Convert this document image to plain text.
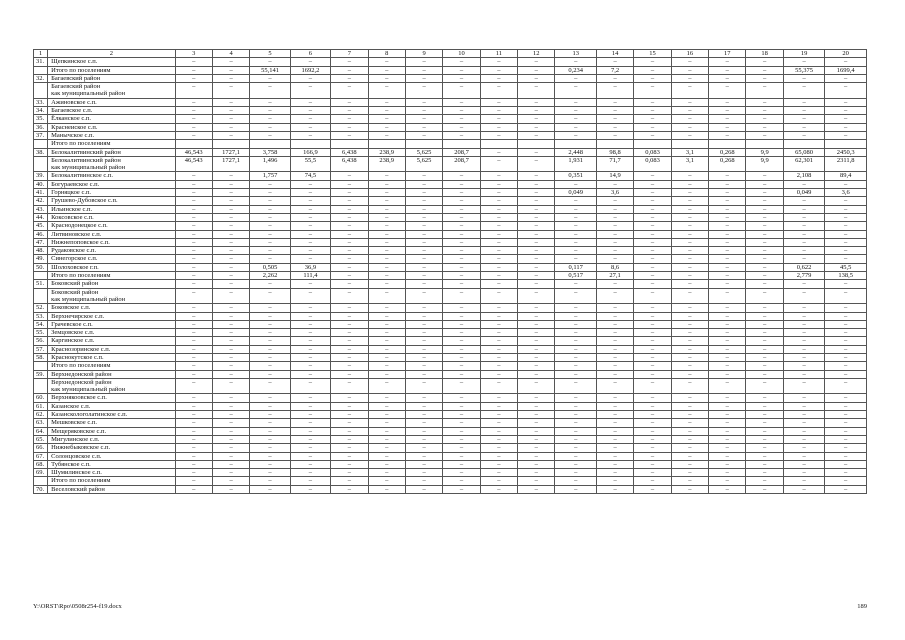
1	2	3	4	5	6	7	8	9	10	11	12	13	14	15	16	17	18	19	20
31.	Щепкинское с.п.	–	–	–	–	–	–	–	–	–	–	–	–	–	–	–	–	–	–

	Итого по поселениям	–	–	55,141	1692,2	–	–	–	–	–	–	0,234	7,2	–	–	–	–	55,375	1699,4
32.	Багаевский район	–	–	–	–	–	–	–	–	–	–	–	–	–	–	–	–	–	–

	Багаевский район
как муниципальный район	–	–	–	–	–	–	–	–	–	–	–	–	–	–	–	–	–	–
33.	Ажиновское с.п.	–	–	–	–	–	–	–	–	–	–	–	–	–	–	–	–	–	–
34.	Багаевское с.п.	–	–	–	–	–	–	–	–	–	–	–	–	–	–	–	–	–	–
35.	Ёлканское с.п.	–	–	–	–	–	–	–	–	–	–	–	–	–	–	–	–	–	–
36.	Краснеиское с.п.	–	–	–	–	–	–	–	–	–	–	–	–	–	–	–	–	–	–
37.	Манычское с.п.	–	–	–	–	–	–	–	–	–	–	–	–	–	–	–	–	–	–

	Итого по поселениям																		

38.	Белокалитвинский район	46,543	1727,1	3,758	166,9	6,438	238,9	5,625	208,7	–	–	2,448	98,8	0,083	3,1	0,268	9,9	65,080	2450,3

	Белокалитвинский район
как муниципальный район	46,543	1727,1	1,496	55,5	6,438	238,9	5,625	208,7	–	–	1,931	71,7	0,083	3,1	0,268	9,9	62,301	2311,8
39.	Белокалитвинское с.п.	–	–	1,757	74,5	–	–	–	–	–	–	0,351	14,9	–	–	–	–	2,108	89,4
40.	Богураевское с.п.	–	–	–	–	–	–	–	–	–	–	–	–	–	–	–	–	–	–
41.	Горняцкое с.п.	–	–	–	–	–	–	–	–	–	–	0,049	3,6	–	–	–	–	0,049	3,6
42.	Грушево-Дубовское с.п.	–	–	–	–	–	–	–	–	–	–	–	–	–	–	–	–	–	–
43.	Ильинское с.п.	–	–	–	–	–	–	–	–	–	–	–	–	–	–	–	–	–	–
44.	Коксовское с.п.	–	–	–	–	–	–	–	–	–	–	–	–	–	–	–	–	–	–
45.	Краснодонецкое с.п.	–	–	–	–	–	–	–	–	–	–	–	–	–	–	–	–	–	–
46.	Литвиновское с.п.	–	–	–	–	–	–	–	–	–	–	–	–	–	–	–	–	–	–
47.	Нижнепоповское с.п.	–	–	–	–	–	–	–	–	–	–	–	–	–	–	–	–	–	–
48.	Рудаковское с.п.	–	–	–	–	–	–	–	–	–	–	–	–	–	–	–	–	–	–
49.	Синегорское с.п.	–	–	–	–	–	–	–	–	–	–	–	–	–	–	–	–	–	–
50.	Шолоховское г.п.	–	–	0,505	36,9	–	–	–	–	–	–	0,117	8,6	–	–	–	–	0,622	45,5

	Итого по поселениям	–	–	2,262	111,4	–	–	–	–	–	–	0,517	27,1	–	–	–	–	2,779	138,5
51.	Боковский район	–	–	–	–	–	–	–	–	–	–	–	–	–	–	–	–	–	–

	Боковский район
как муниципальный район	–	–	–	–	–	–	–	–	–	–	–	–	–	–	–	–	–	–
52.	Боковское с.п.	–	–	–	–	–	–	–	–	–	–	–	–	–	–	–	–	–	–
53.	Верхнечирское с.п.	–	–	–	–	–	–	–	–	–	–	–	–	–	–	–	–	–	–
54.	Грачевское с.п.	–	–	–	–	–	–	–	–	–	–	–	–	–	–	–	–	–	–
55.	Земцовское с.п.	–	–	–	–	–	–	–	–	–	–	–	–	–	–	–	–	–	–
56.	Каргинское с.п.	–	–	–	–	–	–	–	–	–	–	–	–	–	–	–	–	–	–
57.	Краснозоринское с.п.	–	–	–	–	–	–	–	–	–	–	–	–	–	–	–	–	–	–
58.	Краснокутское с.п.	–	–	–	–	–	–	–	–	–	–	–	–	–	–	–	–	–	–

	Итого по поселениям	–	–	–	–	–	–	–	–	–	–	–	–	–	–	–	–	–	–
59.	Верхнедонской район	–	–	–	–	–	–	–	–	–	–	–	–	–	–	–	–	–	–

	Верхнедонской район
как муниципальный район	–	–	–	–	–	–	–	–	–	–	–	–	–	–	–	–	–	–
60.	Верхнякоовское с.п.	–	–	–	–	–	–	–	–	–	–	–	–	–	–	–	–	–	–
61.	Казанское с.п.	–	–	–	–	–	–	–	–	–	–	–	–	–	–	–	–	–	–
62.	Казанскологолатинское с.п.	–	–	–	–	–	–	–	–	–	–	–	–	–	–	–	–	–	–
63.	Мешковское с.п.	–	–	–	–	–	–	–	–	–	–	–	–	–	–	–	–	–	–
64.	Мещеряковское с.п.	–	–	–	–	–	–	–	–	–	–	–	–	–	–	–	–	–	–
65.	Мигулинское с.п.	–	–	–	–	–	–	–	–	–	–	–	–	–	–	–	–	–	–
66.	Нижнебыковское с.п.	–	–	–	–	–	–	–	–	–	–	–	–	–	–	–	–	–	–
67.	Солонцовское с.п.	–	–	–	–	–	–	–	–	–	–	–	–	–	–	–	–	–	–
68.	Тубянское с.п.	–	–	–	–	–	–	–	–	–	–	–	–	–	–	–	–	–	–
69.	Шумилинское с.п.	–	–	–	–	–	–	–	–	–	–	–	–	–	–	–	–	–	–

	Итого по поселениям	–	–	–	–	–	–	–	–	–	–	–	–	–	–	–	–	–	–
70.	Веселовский район	–	–	–	–	–	–	–	–	–	–	–	–	–	–	–	–	–	–
Y:\ORST\Rpo\0508r254-f19.docx	189
